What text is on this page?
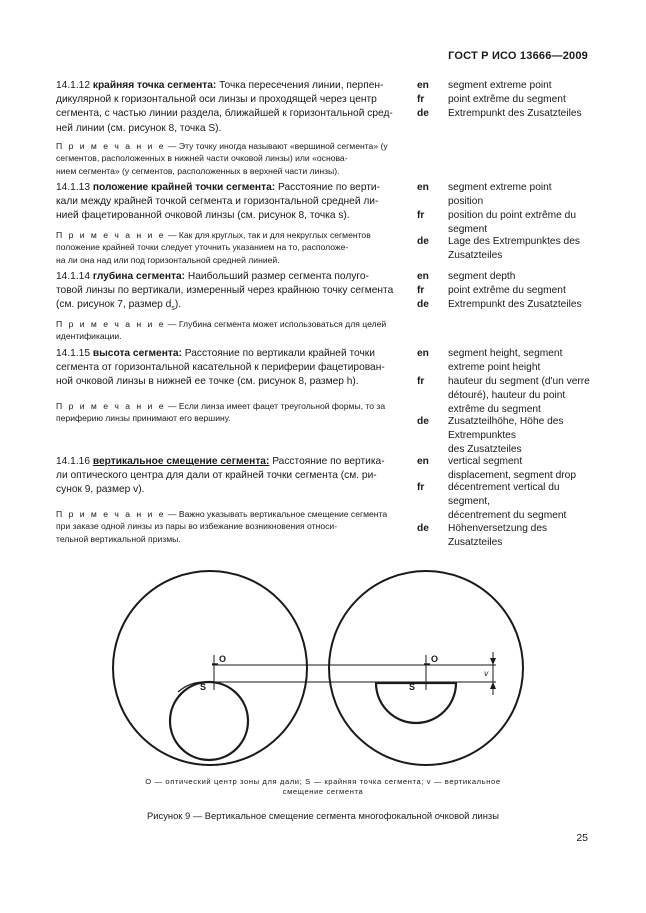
ГОСТ Р ИСО 13666—2009
14.1.12 крайняя точка сегмента: Точка пересечения линии, перпен-
дикулярной к горизонтальной оси линзы и проходящей через центр
сегмента, с частью линии раздела, ближайшей к горизонтальной сред-
ней линии (см. рисунок 8, точка S).
П р и м е ч а н и е — Эту точку иногда называют «вершиной сегмента» (у
сегментов, расположенных в нижней части очковой линзы) или «основа-
нием сегмента» (у сегментов, расположенных в верхней части линзы).
en
fr
de
segment extreme point
point extrême du segment
Extrempunkt des Zusatzteiles
14.1.13 положение крайней точки сегмента: Расстояние по верти-
кали между крайней точкой сегмента и горизонтальной средней ли-
нией фацетированной очковой линзы (см. рисунок 8, точка s).
П р и м е ч а н и е — Как для круглых, так и для некруглых сегментов
положение крайней точки следует уточнить указанием на то, расположе-
на ли она над или под горизонтальной средней линией.
en
fr
de
segment extreme point
position
position du point extrême du
segment
Lage des Extrempunktes des
Zusatzteiles
14.1.14 глубина сегмента: Наибольший размер сегмента полуго-
товой линзы по вертикали, измеренный через крайнюю точку сегмента
(см. рисунок 7, размер $d_s$).
П р и м е ч а н и е — Глубина сегмента может использоваться для целей
идентификации.
en
fr
de
segment depth
point extrême du segment
Extrempunkt des Zusatzteiles
14.1.15 высота сегмента: Расстояние по вертикали крайней точки
сегмента от горизонтальной касательной к периферии фацетирован-
ной очковой линзы в нижней ее точке (см. рисунок 8, размер h).
П р и м е ч а н и е — Если линза имеет фацет треугольной формы, то за
периферию линзы принимают его вершину.
en
fr
de
segment height, segment
extreme point height
hauteur du segment (d'un verre
détouré), hauteur du point
extrême du segment
Zusatzteilhöhe, Höhe des
Extrempunktes
des Zusatzteiles
14.1.16 вертикальное смещение сегмента: Расстояние по вертика-
ли оптического центра для дали от крайней точки сегмента (см. ри-
сунок 9, размер v).
П р и м е ч а н и е — Важно указывать вертикальное смещение сегмента
при заказе одной линзы из пары во избежание возникновения относи-
тельной вертикальной призмы.
en
fr
de
vertical segment
displacement, segment drop
décentrement vertical du
segment,
décentrement du segment
Höhenversetzung des
Zusatzteiles
O	O
S	S
v
O — оптический центр зоны для дали; S — крайняя точка сегмента; v — вертикальное
смещение сегмента
Рисунок 9 — Вертикальное смещение сегмента многофокальной очковой линзы
25
